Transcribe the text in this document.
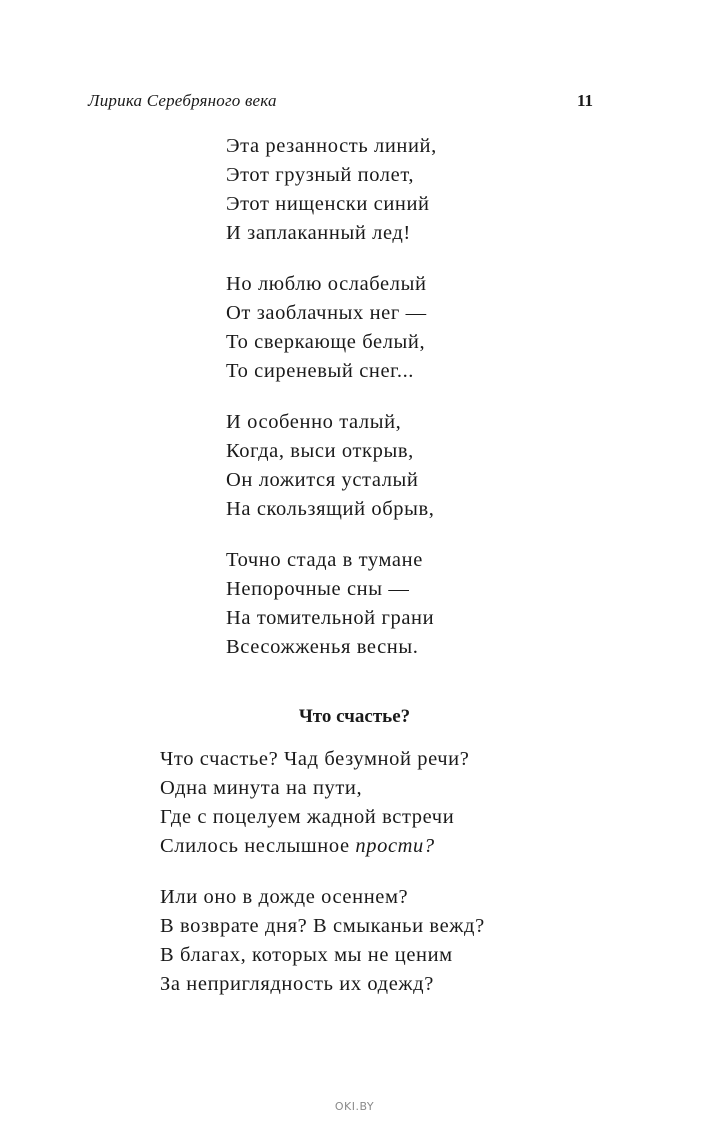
Лирика Серебряного века	11
Эта резанность линий,
Этот грузный полет,
Этот нищенски синий
И заплаканный лед!
Но люблю ослабелый
От заоблачных нег —
То сверкающе белый,
То сиреневый снег...
И особенно талый,
Когда, выси открыв,
Он ложится усталый
На скользящий обрыв,
Точно стада в тумане
Непорочные сны —
На томительной грани
Всесожженья весны.
Что счастье?
Что счастье? Чад безумной речи?
Одна минута на пути,
Где с поцелуем жадной встречи
Слилось неслышное прости?
Или оно в дожде осеннем?
В возврате дня? В смыканьи вежд?
В благах, которых мы не ценим
За неприглядность их одежд?
OKI.BY
